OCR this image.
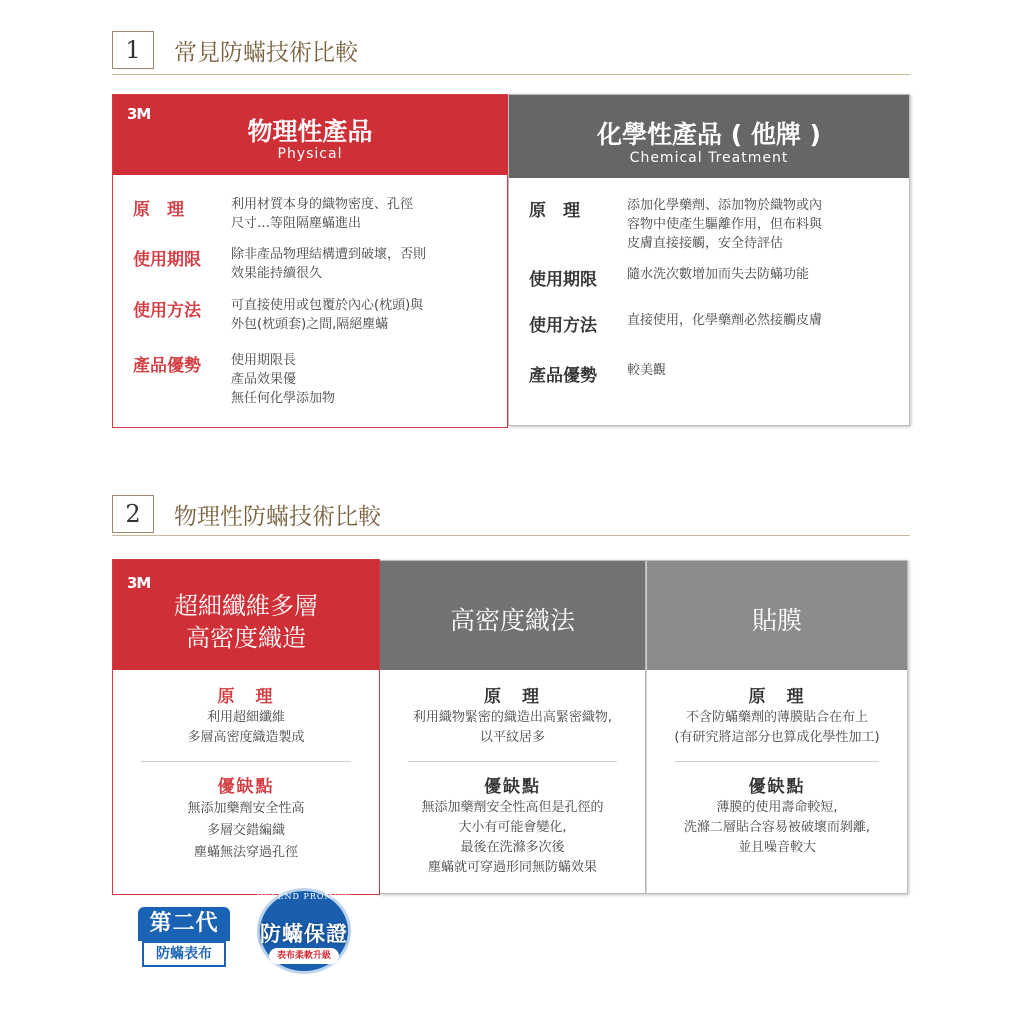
1	常見防蟎技術比較
3M
物理性產品
Physical
原　理	利用材質本身的織物密度、孔徑
尺寸…等阻隔塵蟎進出
使用期限	除非產品物理結構遭到破壞，否則
效果能持續很久
使用方法	可直接使用或包覆於內心(枕頭)與
外包(枕頭套)之間,隔絕塵蟎
產品優勢	使用期限長
產品效果優
無任何化學添加物
化學性產品 ( 他牌 )
Chemical Treatment
原　理	添加化學藥劑、添加物於織物或內
容物中使產生驅離作用，但布料與
皮膚直接接觸，安全待評估
使用期限	隨水洗次數增加而失去防蟎功能
使用方法	直接使用，化學藥劑必然接觸皮膚
產品優勢	較美觀
2	物理性防蟎技術比較
3M
超細纖維多層
高密度織造
原　理
利用超細纖維
多層高密度織造製成
優缺點
無添加藥劑安全性高
多層交錯編織
塵蟎無法穿過孔徑
高密度織法
原　理
利用織物緊密的織造出高緊密織物,
以平紋居多
優缺點
無添加藥劑安全性高但是孔徑的
大小有可能會變化,
最後在洗滌多次後
塵蟎就可穿過形同無防蟎效果
貼膜
原　理
不含防蟎藥劑的薄膜貼合在布上
(有研究將這部分也算成化學性加工)
優缺點
薄膜的使用壽命較短,
洗滌二層貼合容易被破壞而剝離,
並且噪音較大
第二代
防蟎表布
DEFEND PROMISE
防蟎保證
表布柔軟升級
